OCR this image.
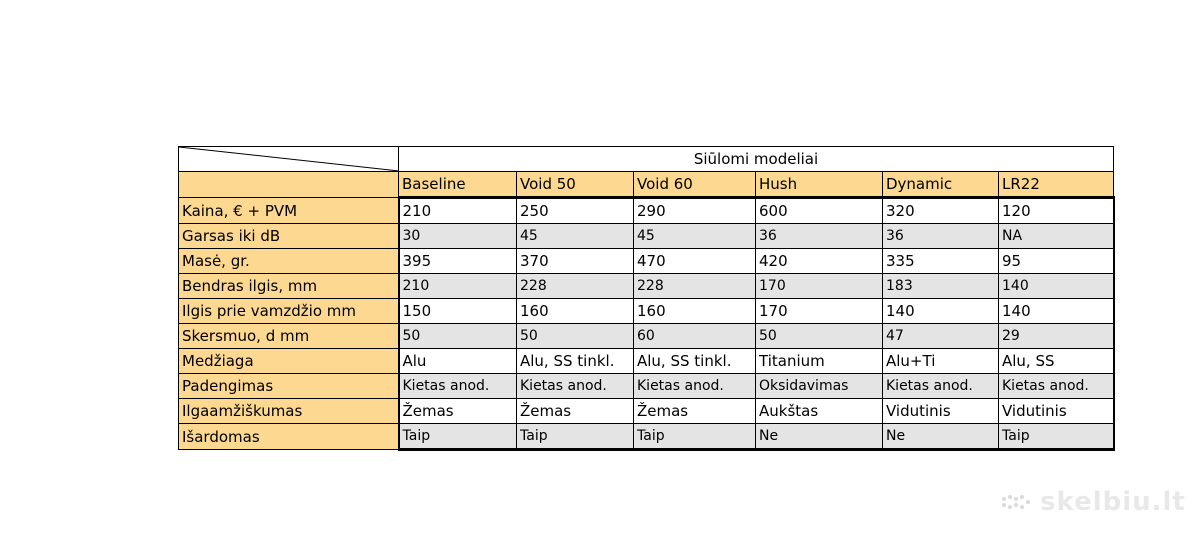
	Siūlomi modeliai					
	Baseline	Void 50	Void 60	Hush	Dynamic	LR22
Kaina, € + PVM	210	250	290	600	320	120
Garsas iki dB	30	45	45	36	36	NA
Masė, gr.	395	370	470	420	335	95
Bendras ilgis, mm	210	228	228	170	183	140
Ilgis prie vamzdžio mm	150	160	160	170	140	140
Skersmuo, d mm	50	50	60	50	47	29
Medžiaga	Alu	Alu, SS tinkl.	Alu, SS tinkl.	Titanium	Alu+Ti	Alu, SS
Padengimas	Kietas anod.	Kietas anod.	Kietas anod.	Oksidavimas	Kietas anod.	Kietas anod.
Ilgaamžiškumas	Žemas	Žemas	Žemas	Aukštas	Vidutinis	Vidutinis
Išardomas	Taip	Taip	Taip	Ne	Ne	Taip
skelbiu.lt
